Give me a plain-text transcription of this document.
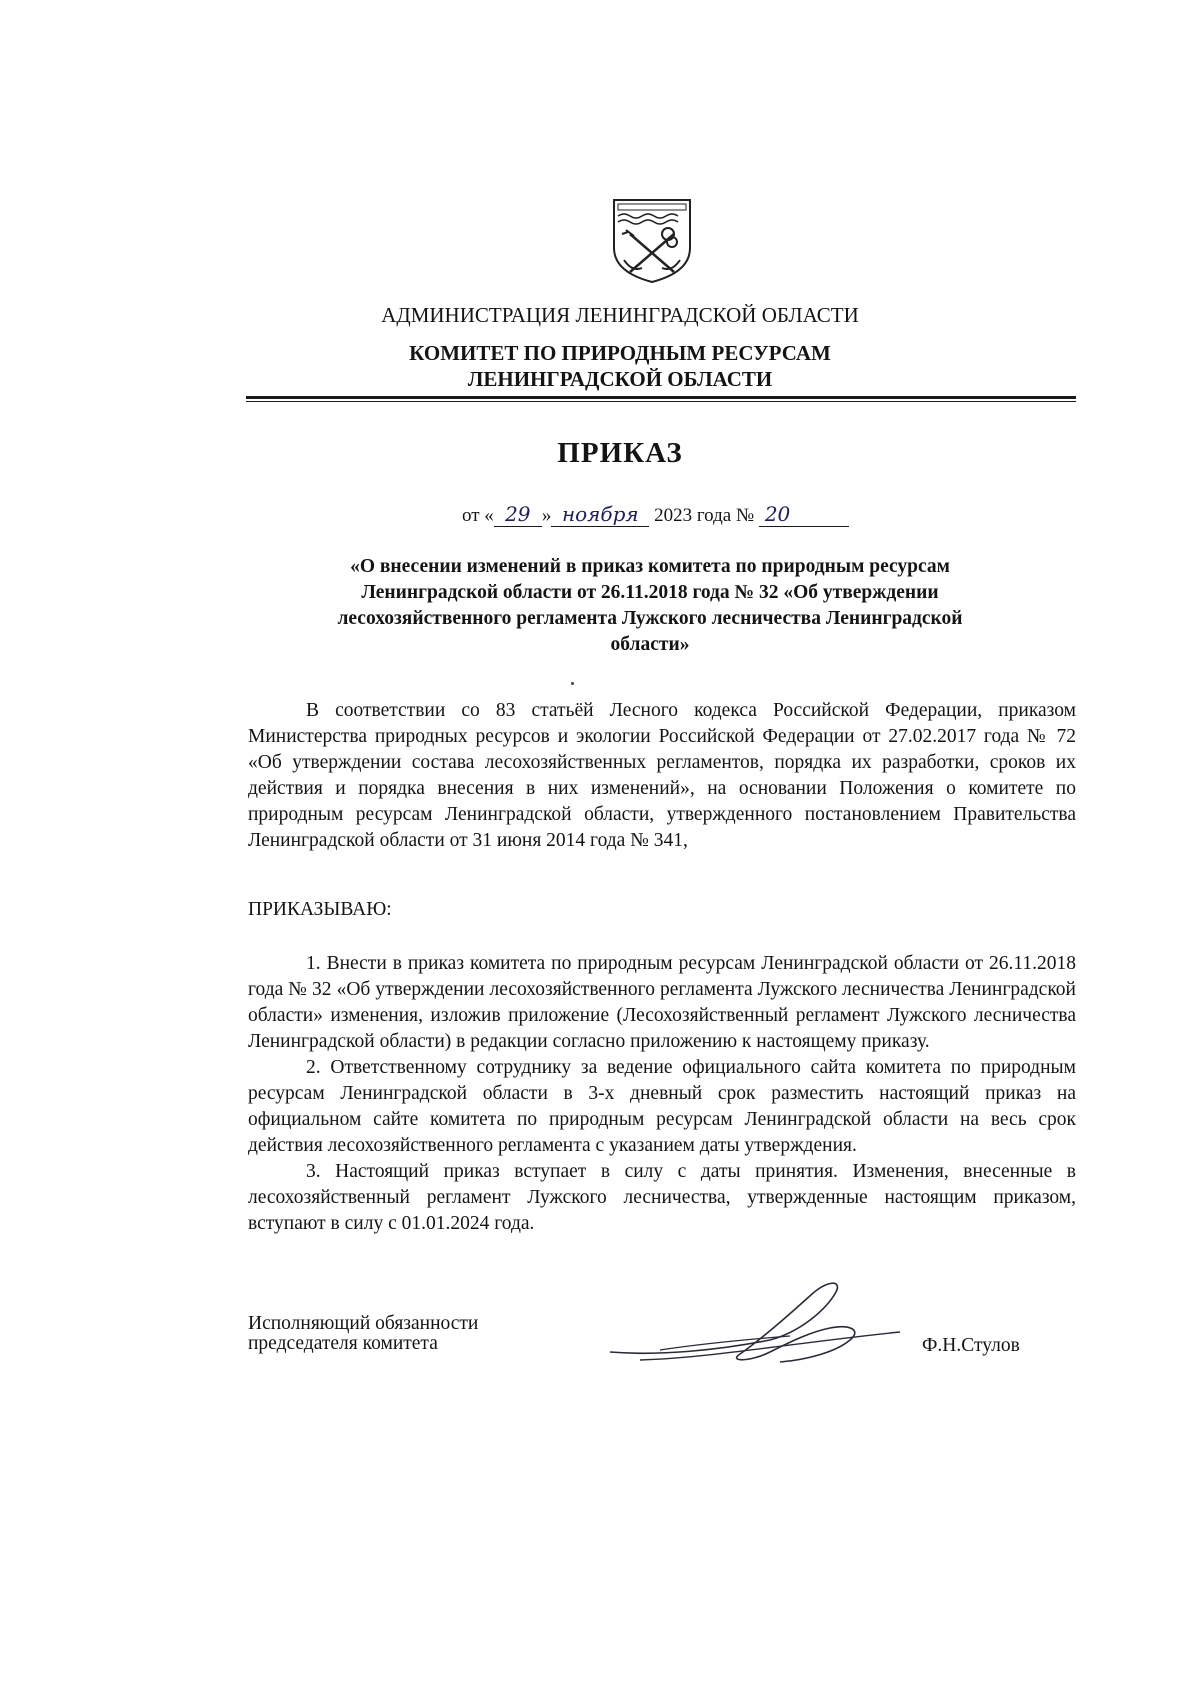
АДМИНИСТРАЦИЯ ЛЕНИНГРАДСКОЙ ОБЛАСТИ
КОМИТЕТ ПО ПРИРОДНЫМ РЕСУРСАМ
ЛЕНИНГРАДСКОЙ ОБЛАСТИ
ПРИКАЗ
от « 29 » ноября 2023 года № 20
«О внесении изменений в приказ комитета по природным ресурсам
Ленинградской области от 26.11.2018 года № 32 «Об утверждении
лесохозяйственного регламента Лужского лесничества Ленинградской
области»

В соответствии со 83 статьёй Лесного кодекса Российской Федерации, приказом Министерства природных ресурсов и экологии Российской Федерации от 27.02.2017 года № 72 «Об утверждении состава лесохозяйственных регламентов, порядка их разработки, сроков их действия и порядка внесения в них изменений», на основании Положения о комитете по природным ресурсам Ленинградской области, утвержденного постановлением Правительства Ленинградской области от 31 июня 2014 года № 341,

ПРИКАЗЫВАЮ:

1. Внести в приказ комитета по природным ресурсам Ленинградской области от 26.11.2018 года № 32 «Об утверждении лесохозяйственного регламента Лужского лесничества Ленинградской области» изменения, изложив приложение (Лесохозяйственный регламент Лужского лесничества Ленинградской области) в редакции согласно приложению к настоящему приказу.

2. Ответственному сотруднику за ведение официального сайта комитета по природным ресурсам Ленинградской области в 3-х дневный срок разместить настоящий приказ на официальном сайте комитета по природным ресурсам Ленинградской области на весь срок действия лесохозяйственного регламента с указанием даты утверждения.

3. Настоящий приказ вступает в силу с даты принятия. Изменения, внесенные в лесохозяйственный регламент Лужского лесничества, утвержденные настоящим приказом, вступают в силу с 01.01.2024 года.

Исполняющий обязанности
председателя комитета	Ф.Н.Стулов
